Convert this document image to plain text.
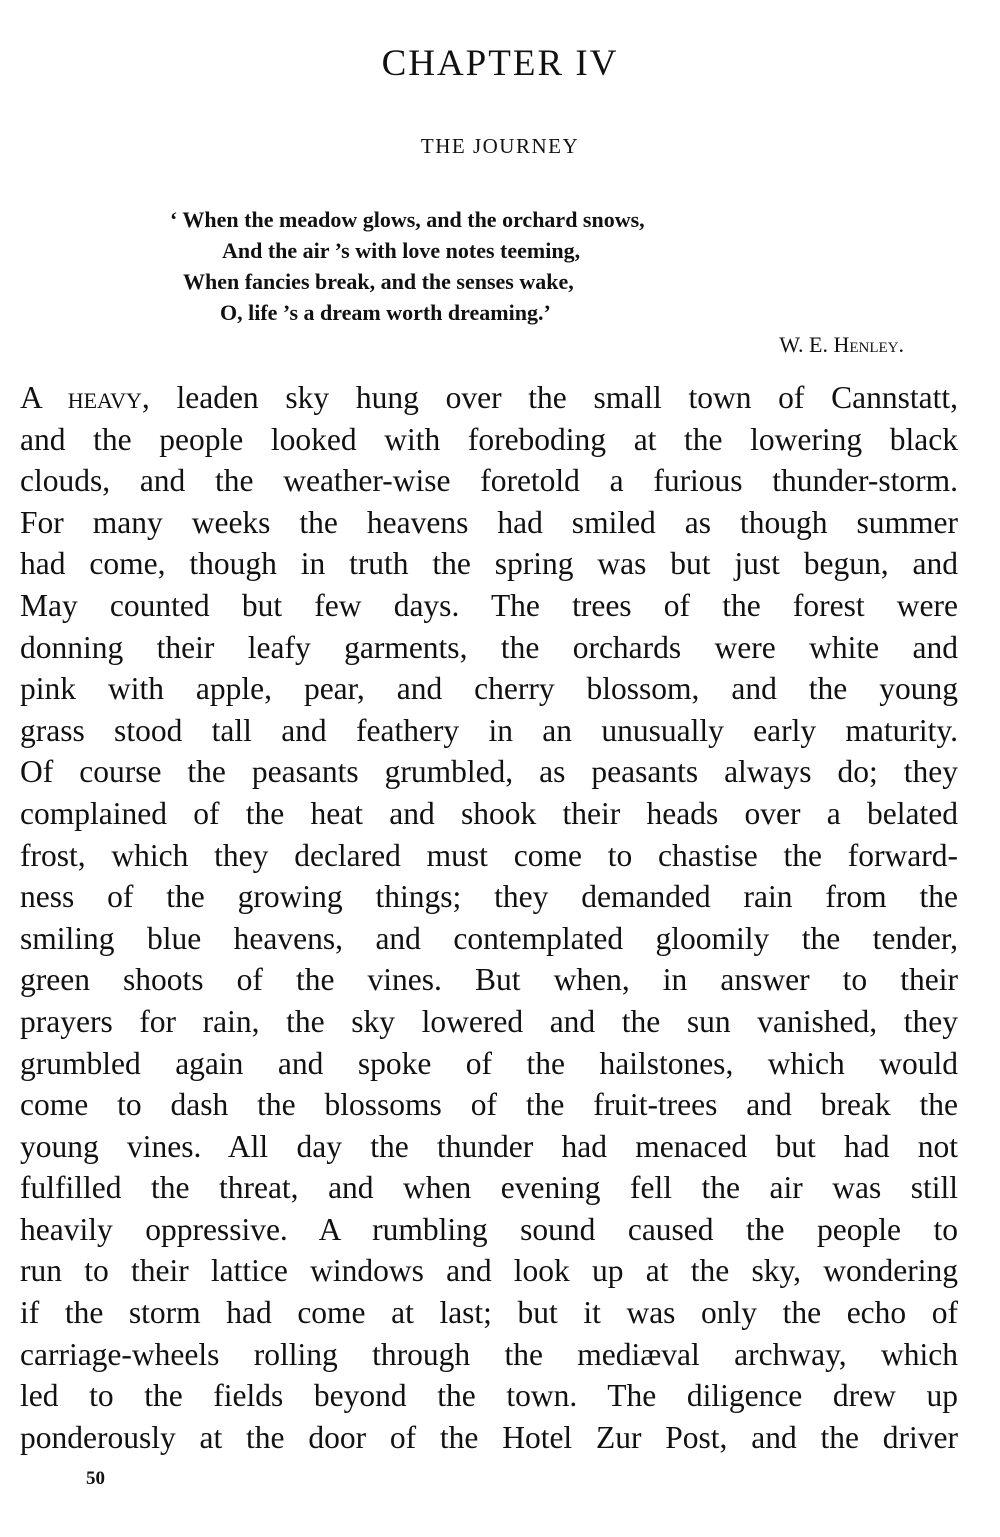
CHAPTER IV
THE JOURNEY
‘ When the meadow glows, and the orchard snows,
And the air ’s with love notes teeming,
When fancies break, and the senses wake,
O, life ’s a dream worth dreaming.’
W. E. Henley.
A heavy, leaden sky hung over the small town of Cannstatt,
and the people looked with foreboding at the lowering black
clouds, and the weather-wise foretold a furious thunder-storm.
For many weeks the heavens had smiled as though summer
had come, though in truth the spring was but just begun, and
May counted but few days. The trees of the forest were
donning their leafy garments, the orchards were white and
pink with apple, pear, and cherry blossom, and the young
grass stood tall and feathery in an unusually early maturity.
Of course the peasants grumbled, as peasants always do; they
complained of the heat and shook their heads over a belated
frost, which they declared must come to chastise the forward-
ness of the growing things; they demanded rain from the
smiling blue heavens, and contemplated gloomily the tender,
green shoots of the vines. But when, in answer to their
prayers for rain, the sky lowered and the sun vanished, they
grumbled again and spoke of the hailstones, which would
come to dash the blossoms of the fruit-trees and break the
young vines. All day the thunder had menaced but had not
fulfilled the threat, and when evening fell the air was still
heavily oppressive. A rumbling sound caused the people to
run to their lattice windows and look up at the sky, wondering
if the storm had come at last; but it was only the echo of
carriage-wheels rolling through the mediæval archway, which
led to the fields beyond the town. The diligence drew up
ponderously at the door of the Hotel Zur Post, and the driver
50
